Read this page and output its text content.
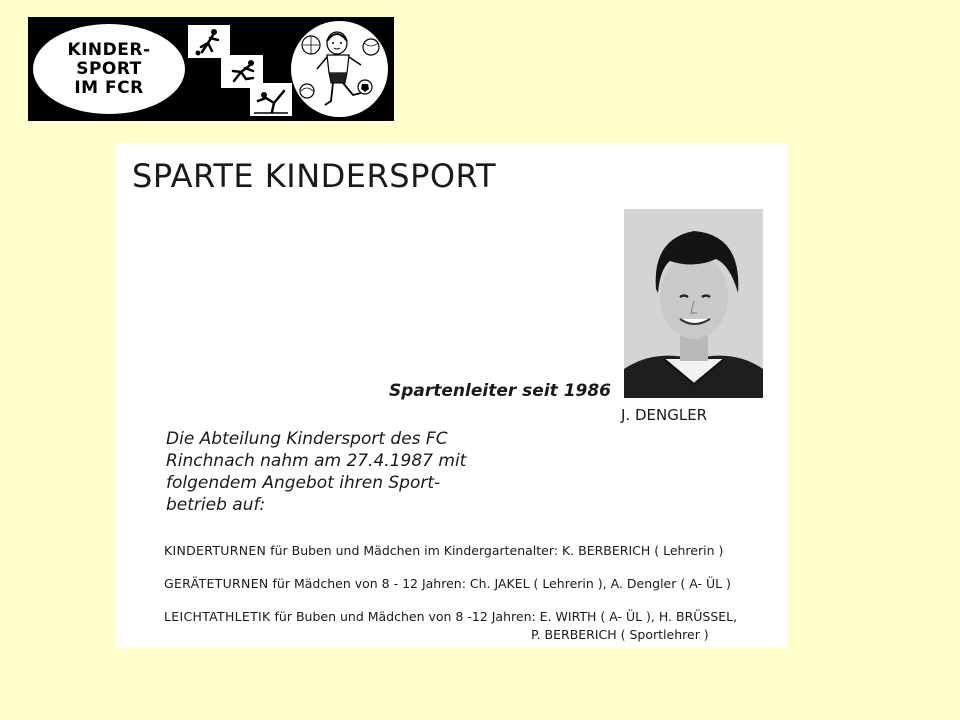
KINDER-
SPORT
IM FCR
SPARTE KINDERSPORT
Spartenleiter seit 1986
J. DENGLER

Die Abteilung Kindersport des FC Rinchnach nahm am 27.4.1987 mit folgendem Angebot ihren Sport-betrieb auf:

KINDERTURNEN für Buben und Mädchen im Kindergartenalter: K. BERBERICH ( Lehrerin )
GERÄTETURNEN für Mädchen von 8 - 12 Jahren: Ch. JAKEL ( Lehrerin ), A. Dengler ( A- ÜL )
LEICHTATHLETIK für Buben und Mädchen von 8 -12 Jahren: E. WIRTH ( A- ÜL ), H. BRÜSSEL,
P. BERBERICH ( Sportlehrer )
